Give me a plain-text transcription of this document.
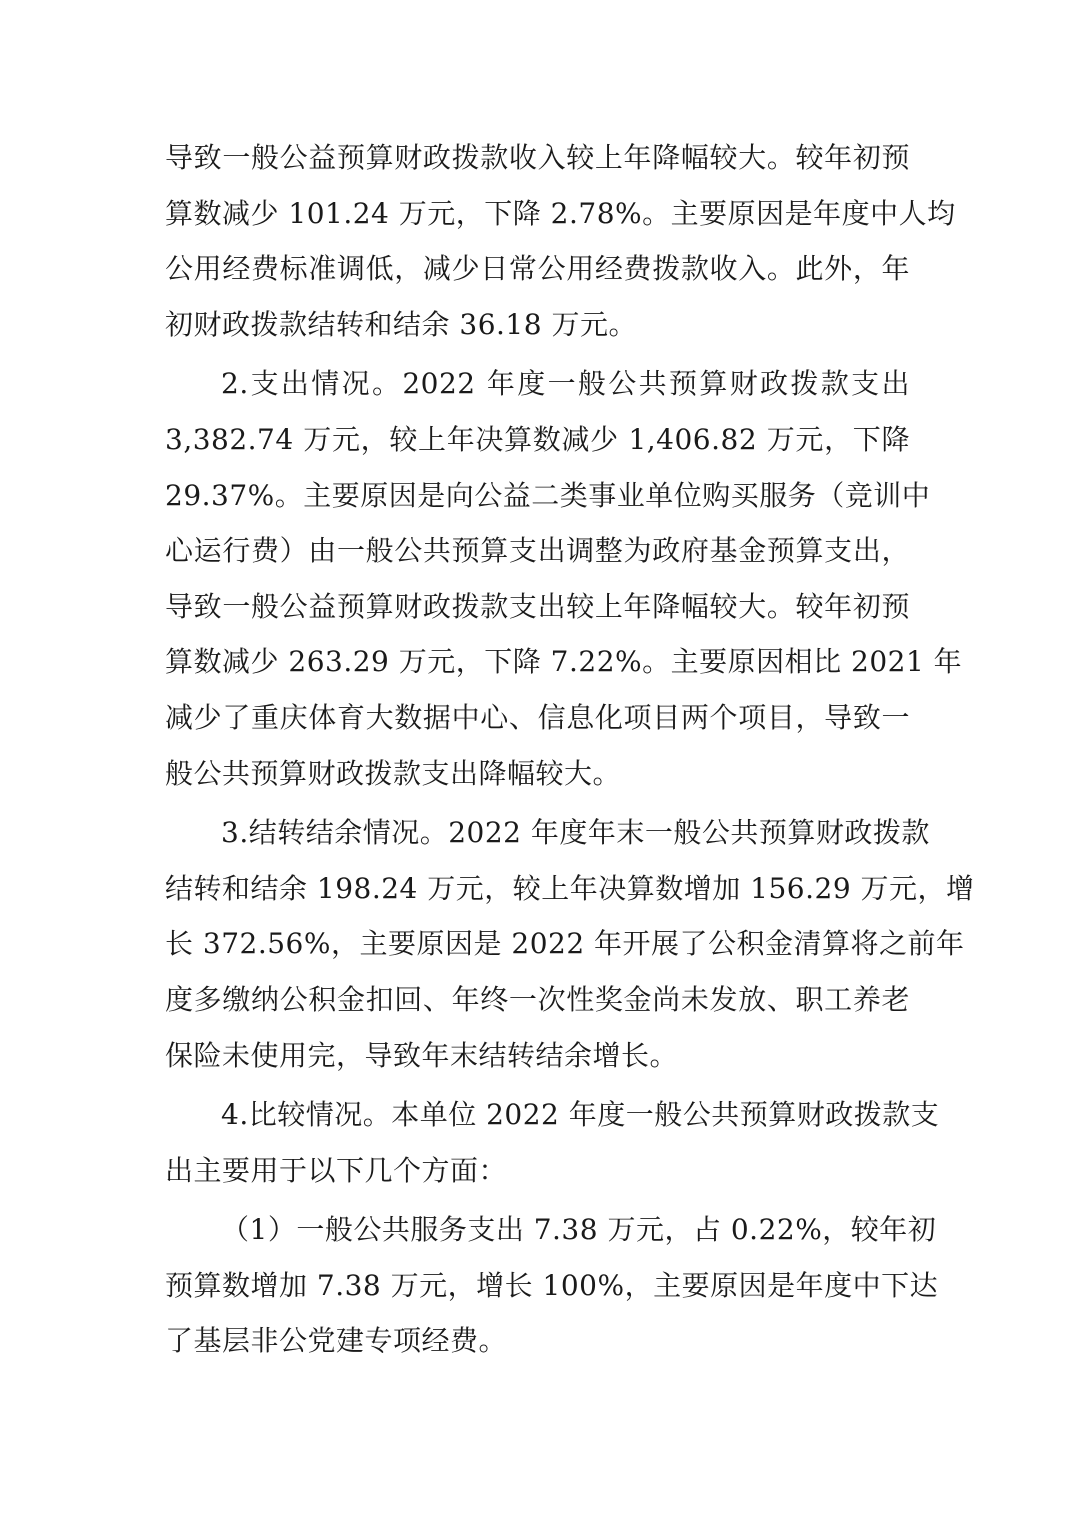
导致一般公益预算财政拨款收入较上年降幅较大。较年初预
算数减少 101.24 万元，下降 2.78%。主要原因是年度中人均
公用经费标准调低，减少日常公用经费拨款收入。此外，年
初财政拨款结转和结余 36.18 万元。
2.支出情况。2022 年度一般公共预算财政拨款支出
3,382.74 万元，较上年决算数减少 1,406.82 万元，下降
29.37%。主要原因是向公益二类事业单位购买服务（竞训中
心运行费）由一般公共预算支出调整为政府基金预算支出，
导致一般公益预算财政拨款支出较上年降幅较大。较年初预
算数减少 263.29 万元，下降 7.22%。主要原因相比 2021 年
减少了重庆体育大数据中心、信息化项目两个项目，导致一
般公共预算财政拨款支出降幅较大。
3.结转结余情况。2022 年度年末一般公共预算财政拨款
结转和结余 198.24 万元，较上年决算数增加 156.29 万元，增
长 372.56%，主要原因是 2022 年开展了公积金清算将之前年
度多缴纳公积金扣回、年终一次性奖金尚未发放、职工养老
保险未使用完，导致年末结转结余增长。
4.比较情况。本单位 2022 年度一般公共预算财政拨款支
出主要用于以下几个方面：
（1）一般公共服务支出 7.38 万元，占 0.22%，较年初
预算数增加 7.38 万元，增长 100%，主要原因是年度中下达
了基层非公党建专项经费。
